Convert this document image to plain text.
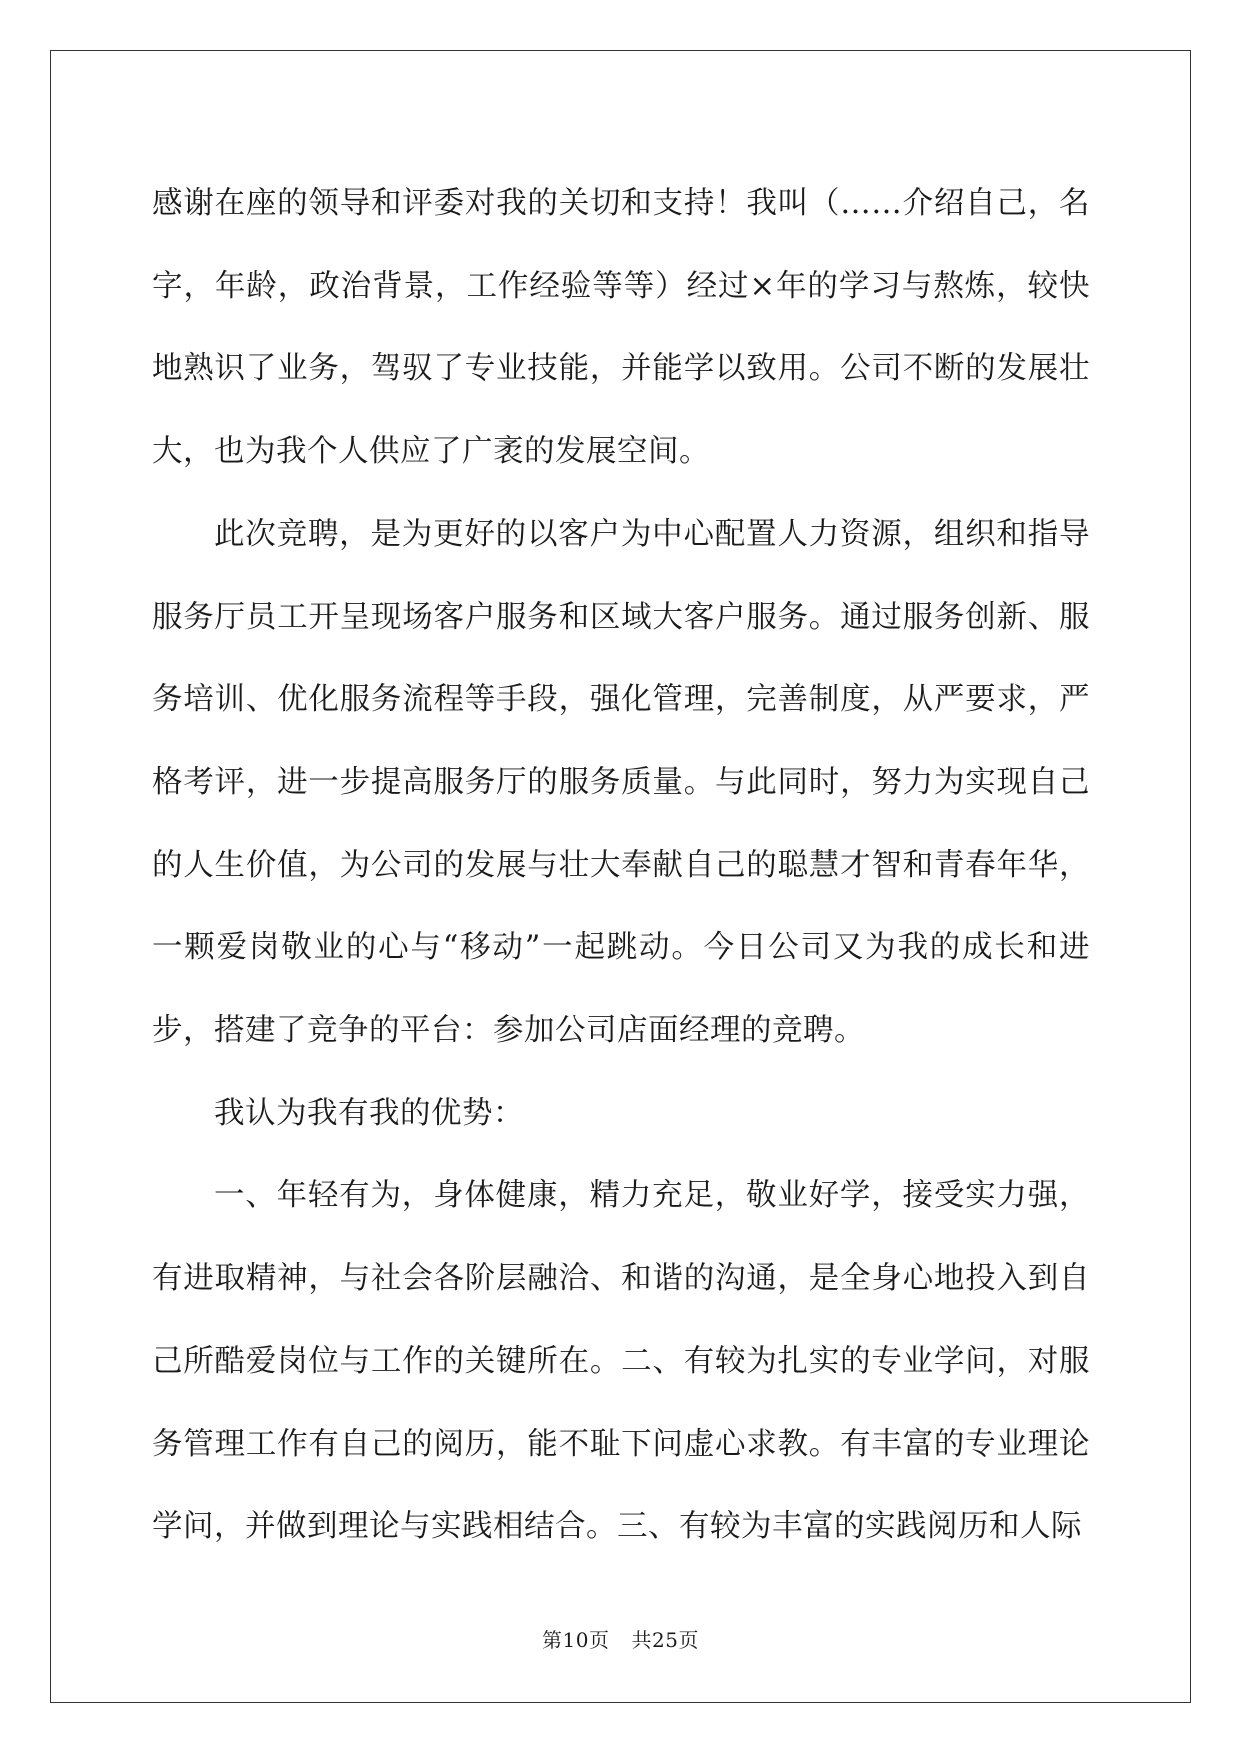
感谢在座的领导和评委对我的关切和支持！我叫（……介绍自己，名字，年龄，政治背景，工作经验等等）经过×年的学习与熬炼，较快地熟识了业务，驾驭了专业技能，并能学以致用。公司不断的发展壮大，也为我个人供应了广袤的发展空间。

此次竞聘，是为更好的以客户为中心配置人力资源，组织和指导服务厅员工开呈现场客户服务和区域大客户服务。通过服务创新、服务培训、优化服务流程等手段，强化管理，完善制度，从严要求，严格考评，进一步提高服务厅的服务质量。与此同时，努力为实现自己的人生价值，为公司的发展与壮大奉献自己的聪慧才智和青春年华，一颗爱岗敬业的心与“移动”一起跳动。今日公司又为我的成长和进步，搭建了竞争的平台：参加公司店面经理的竞聘。

我认为我有我的优势：

一、年轻有为，身体健康，精力充足，敬业好学，接受实力强，有进取精神，与社会各阶层融洽、和谐的沟通，是全身心地投入到自己所酷爱岗位与工作的关键所在。二、有较为扎实的专业学问，对服务管理工作有自己的阅历，能不耻下问虚心求教。有丰富的专业理论学问，并做到理论与实践相结合。三、有较为丰富的实践阅历和人际

第10页 共25页
